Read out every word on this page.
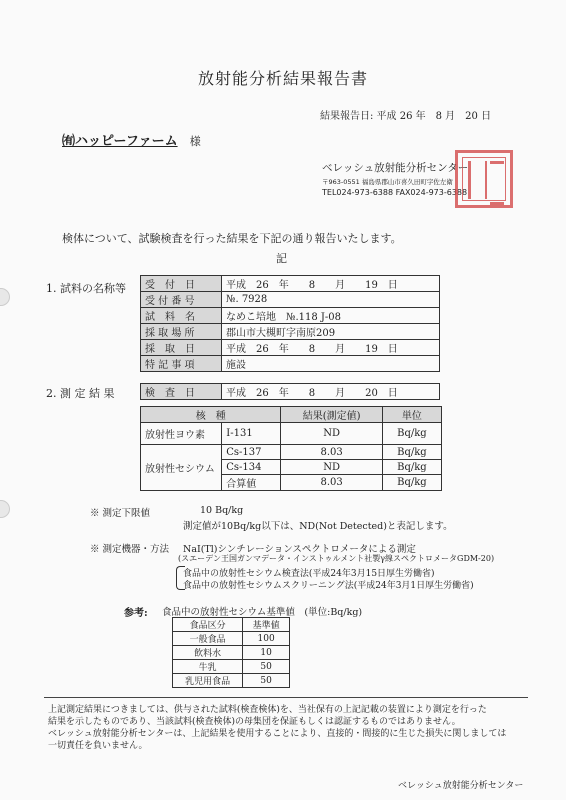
放射能分析結果報告書
結果報告日: 平成 26 年　8 月　20 日
㈲ハッピーファーム 様
ベレッシュ放射能分析センター
〒963-0551 福島県郡山市喜久田町字佐左衛
TEL024-973-6388 FAX024-973-6388
検体について、試験検査を行った結果を下記の通り報告いたします。
記
1. 試料の名称等 受　付　日	平成　26　年　　8　　月　　19　日
受 付 番 号	№. 7928
試　料　名	なめこ培地　№.118 J-08
採 取 場 所	郡山市大槻町字南原209
採　取　日	平成　26　年　　8　　月　　19　日
特 記 事 項	施設
2. 測 定 結 果	検　査　日	平成　26　年　　8　　月　　20　日
核　種		結果(測定値)	単位
放射性ヨウ素	I-131	ND	Bq/kg
放射性セシウム	Cs-137	8.03	Bq/kg
	Cs-134	ND	Bq/kg
	合算値	8.03	Bq/kg
※ 測定下限値	10 Bq/kg
測定値が10Bq/kg以下は、ND(Not Detected)と表記します。
※ 測定機器・方法 NaI(Tl)シンチレーションスペクトロメータによる測定
(スエーデン王国ガンマデータ・インストゥルメント社製γ線スペクトロメータGDM-20)
食品中の放射性セシウム検査法(平成24年3月15日厚生労働省)
食品中の放射性セシウムスクリーニング法(平成24年3月1日厚生労働省)
参考: 食品中の放射性セシウム基準値　(単位:Bq/kg)
食品区分	基準値
一般食品	100
飲料水	10
牛乳	50
乳児用食品	50
上記測定結果につきましては、供与された試料(検査検体)を、当社保有の上記記載の装置により測定を行った
結果を示したものであり、当該試料(検査検体)の母集団を保証もしくは認証するものではありません。
ベレッシュ放射能分析センターは、上記結果を使用することにより、直接的・間接的に生じた損失に関しましては
一切責任を負いません。
ベレッシュ放射能分析センター
